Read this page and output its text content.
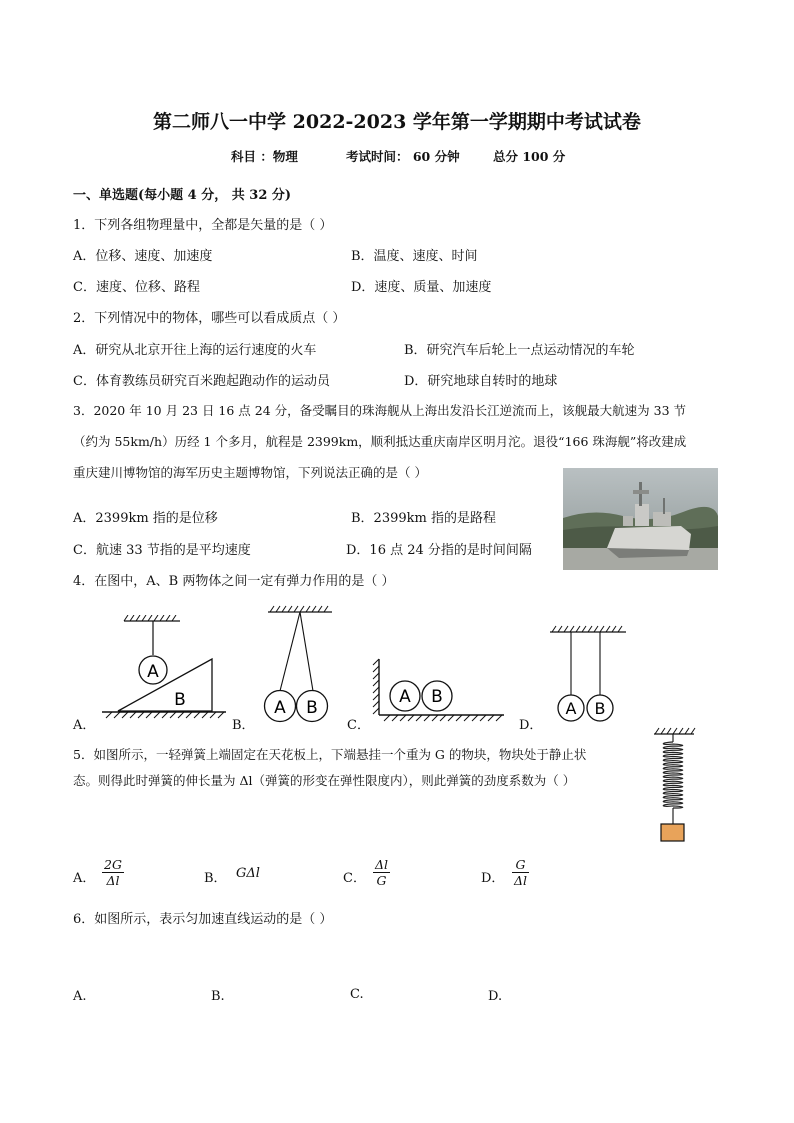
第二师八一中学 2022-2023 学年第一学期期中考试试卷
科目 ：物理	考试时间： 60 分钟	总分 100 分
一、单选题(每小题 4 分， 共 32 分)
1．下列各组物理量中，全都是矢量的是（ ）
A．位移、速度、加速度	B．温度、速度、时间
C．速度、位移、路程	D．速度、质量、加速度
2．下列情况中的物体，哪些可以看成质点（ ）
A．研究从北京开往上海的运行速度的火车	B．研究汽车后轮上一点运动情况的车轮
C．体育教练员研究百米跑起跑动作的运动员	D．研究地球自转时的地球
3．2020 年 10 月 23 日 16 点 24 分，备受瞩目的珠海舰从上海出发沿长江逆流而上，该舰最大航速为 33 节
（约为 55km/h）历经 1 个多月，航程是 2399km，顺利抵达重庆南岸区明月沱。退役“166 珠海舰”将改建成
重庆建川博物馆的海军历史主题博物馆，下列说法正确的是（ ）
A．2399km 指的是位移	B．2399km 指的是路程
C．航速 33 节指的是平均速度	D．16 点 24 分指的是时间间隔
4．在图中，A、B 两物体之间一定有弹力作用的是（ ）
A
B
A．
A B
B．
A B
C．
A B
D．
5．如图所示，一轻弹簧上端固定在天花板上，下端悬挂一个重为 G 的物块，物块处于静止状
态。则得此时弹簧的伸长量为 Δl（弹簧的形变在弹性限度内），则此弹簧的劲度系数为（ ）
A． $\frac{2G}{\Delta l}$	B． GΔl	C． $\frac{\Delta l}{G}$	D． $\frac{G}{\Delta l}$
6．如图所示，表示匀加速直线运动的是（ ）
A.	B.	C.	D.
